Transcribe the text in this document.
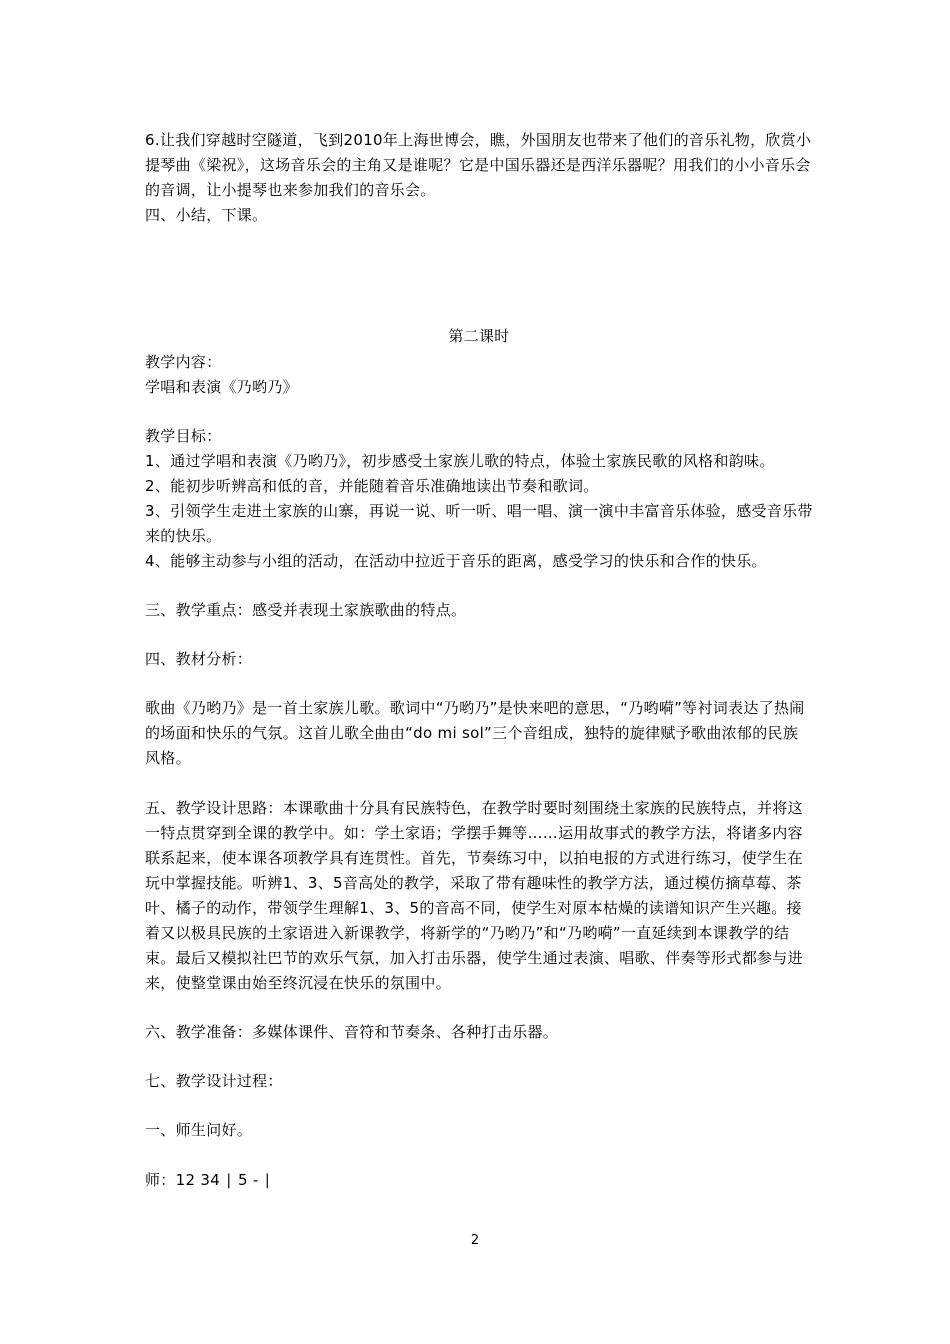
6.让我们穿越时空隧道，飞到2010年上海世博会，瞧，外国朋友也带来了他们的音乐礼物，欣赏小提琴曲《梁祝》，这场音乐会的主角又是谁呢？它是中国乐器还是西洋乐器呢？用我们的小小音乐会的音调，让小提琴也来参加我们的音乐会。

四、小结，下课。

第二课时

教学内容：

学唱和表演《乃哟乃》

教学目标：

1、通过学唱和表演《乃哟乃》，初步感受土家族儿歌的特点，体验土家族民歌的风格和韵味。

2、能初步听辨高和低的音，并能随着音乐准确地读出节奏和歌词。

3、引领学生走进土家族的山寨，再说一说、听一听、唱一唱、演一演中丰富音乐体验，感受音乐带来的快乐。

4、能够主动参与小组的活动，在活动中拉近于音乐的距离，感受学习的快乐和合作的快乐。

三、教学重点：感受并表现土家族歌曲的特点。

四、教材分析：

歌曲《乃哟乃》是一首土家族儿歌。歌词中“乃哟乃”是快来吧的意思，“乃哟嗬”等衬词表达了热闹的场面和快乐的气氛。这首儿歌全曲由“do mi sol”三个音组成，独特的旋律赋予歌曲浓郁的民族风格。

五、教学设计思路：本课歌曲十分具有民族特色，在教学时要时刻围绕土家族的民族特点，并将这一特点贯穿到全课的教学中。如：学土家语；学摆手舞等……运用故事式的教学方法，将诸多内容联系起来，使本课各项教学具有连贯性。首先，节奏练习中，以拍电报的方式进行练习，使学生在玩中掌握技能。听辨1、3、5音高处的教学，采取了带有趣味性的教学方法，通过模仿摘草莓、茶叶、橘子的动作，带领学生理解1、3、5的音高不同，使学生对原本枯燥的读谱知识产生兴趣。接着又以极具民族的土家语进入新课教学，将新学的“乃哟乃”和“乃哟嗬”一直延续到本课教学的结束。最后又模拟社巴节的欢乐气氛，加入打击乐器，使学生通过表演、唱歌、伴奏等形式都参与进来，使整堂课由始至终沉浸在快乐的氛围中。

六、教学准备：多媒体课件、音符和节奏条、各种打击乐器。

七、教学设计过程：

一、师生问好。

师：12 34 ∣ 5 - ∣

2
